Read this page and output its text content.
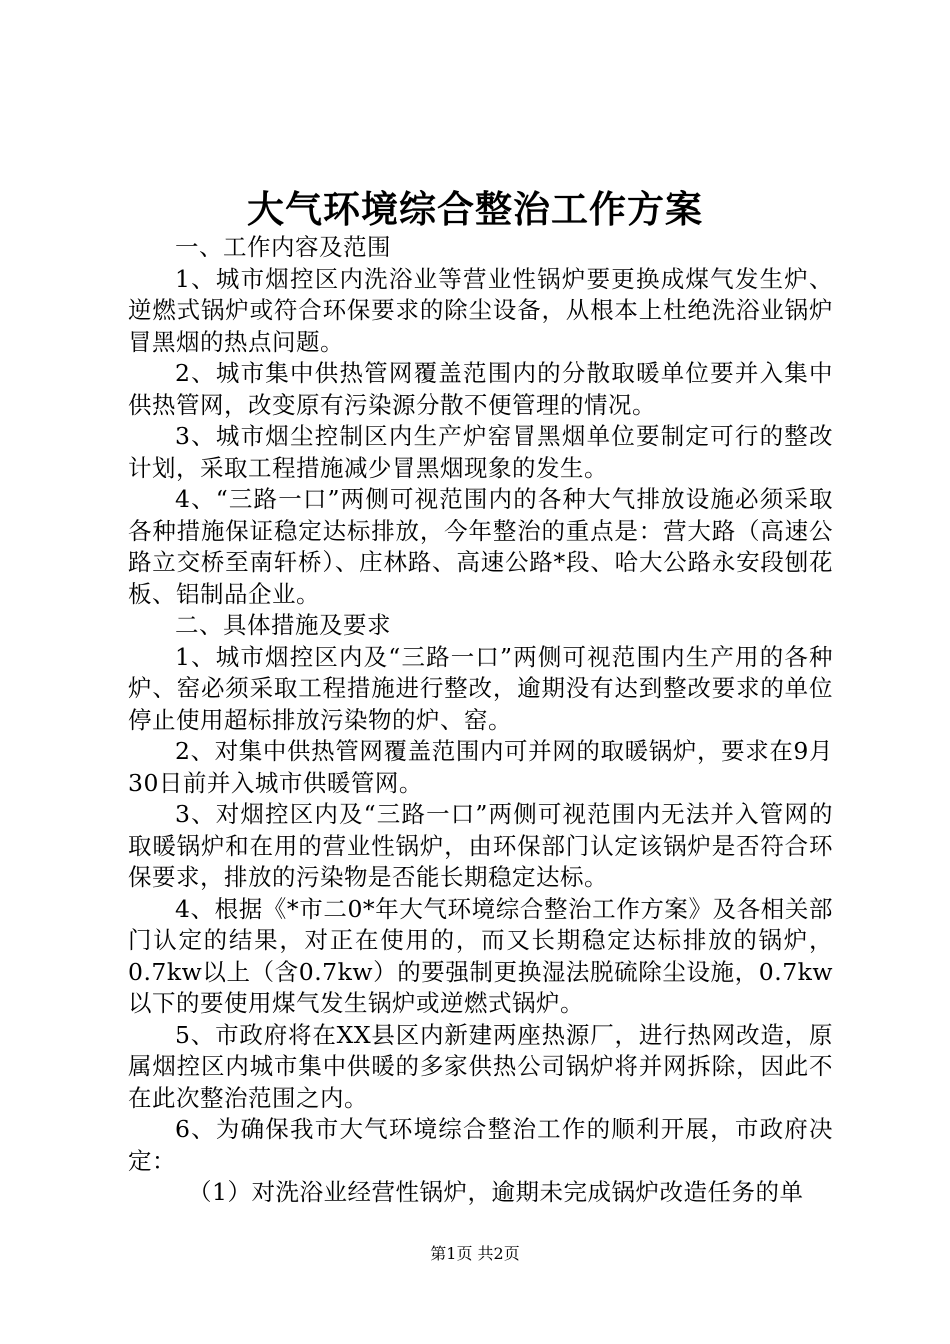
大气环境综合整治工作方案

一、工作内容及范围

1、城市烟控区内洗浴业等营业性锅炉要更换成煤气发生炉、逆燃式锅炉或符合环保要求的除尘设备，从根本上杜绝洗浴业锅炉冒黑烟的热点问题。

2、城市集中供热管网覆盖范围内的分散取暖单位要并入集中供热管网，改变原有污染源分散不便管理的情况。

3、城市烟尘控制区内生产炉窑冒黑烟单位要制定可行的整改计划，采取工程措施减少冒黑烟现象的发生。

4、“三路一口”两侧可视范围内的各种大气排放设施必须采取各种措施保证稳定达标排放，今年整治的重点是：营大路（高速公路立交桥至南轩桥）、庄林路、高速公路*段、哈大公路永安段刨花板、铝制品企业。

二、具体措施及要求

1、城市烟控区内及“三路一口”两侧可视范围内生产用的各种炉、窑必须采取工程措施进行整改，逾期没有达到整改要求的单位停止使用超标排放污染物的炉、窑。

2、对集中供热管网覆盖范围内可并网的取暖锅炉，要求在9月30日前并入城市供暖管网。

3、对烟控区内及“三路一口”两侧可视范围内无法并入管网的取暖锅炉和在用的营业性锅炉，由环保部门认定该锅炉是否符合环保要求，排放的污染物是否能长期稳定达标。

4、根据《*市二0*年大气环境综合整治工作方案》及各相关部门认定的结果，对正在使用的，而又长期稳定达标排放的锅炉，0.7kw以上（含0.7kw）的要强制更换湿法脱硫除尘设施，0.7kw以下的要使用煤气发生锅炉或逆燃式锅炉。

5、市政府将在XX县区内新建两座热源厂，进行热网改造，原属烟控区内城市集中供暖的多家供热公司锅炉将并网拆除，因此不在此次整治范围之内。

6、为确保我市大气环境综合整治工作的顺利开展，市政府决定：

（1）对洗浴业经营性锅炉，逾期未完成锅炉改造任务的单

第1页 共2页
